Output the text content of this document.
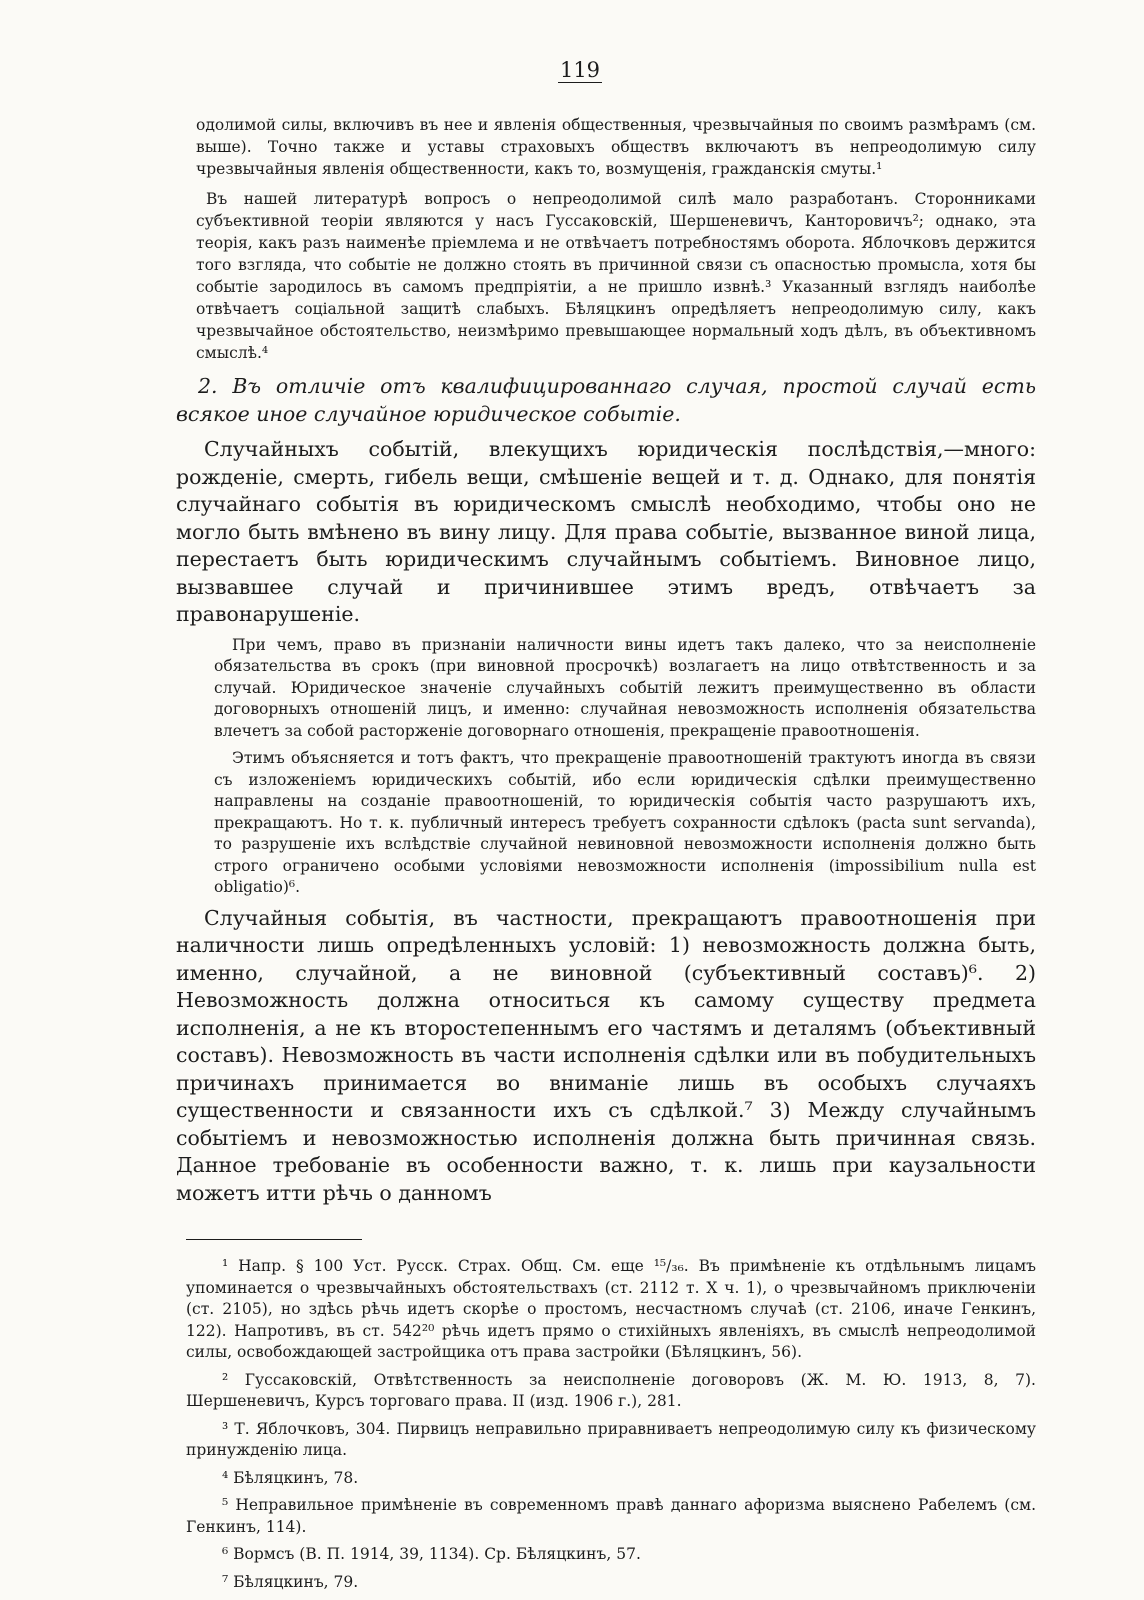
119

одолимой силы, включивъ въ нее и явленія общественныя, чрезвычайныя по своимъ размѣрамъ (см. выше). Точно также и уставы страховыхъ обществъ включаютъ въ непреодолимую силу чрезвычайныя явленія общественности, какъ то, возмущенія, гражданскія смуты.¹

Въ нашей литературѣ вопросъ о непреодолимой силѣ мало разработанъ. Сторонниками субъективной теоріи являются у насъ Гуссаковскій, Шершеневичъ, Канторовичъ²; однако, эта теорія, какъ разъ наименѣе пріемлема и не отвѣчаетъ потребностямъ оборота. Яблочковъ держится того взгляда, что событіе не должно стоять въ причинной связи съ опасностью промысла, хотя бы событіе зародилось въ самомъ предпріятіи, а не пришло извнѣ.³ Указанный взглядъ наиболѣе отвѣчаетъ соціальной защитѣ слабыхъ. Бѣляцкинъ опредѣляетъ непреодолимую силу, какъ чрезвычайное обстоятельство, неизмѣримо превышающее нормальный ходъ дѣлъ, въ объективномъ смыслѣ.⁴

2. Въ отличіе отъ квалифицированнаго случая, простой случай есть всякое иное случайное юридическое событіе.

Случайныхъ событій, влекущихъ юридическія послѣдствія,—много: рожденіе, смерть, гибель вещи, смѣшеніе вещей и т. д. Однако, для понятія случайнаго событія въ юридическомъ смыслѣ необходимо, чтобы оно не могло быть вмѣнено въ вину лицу. Для права событіе, вызванное виной лица, перестаетъ быть юридическимъ случайнымъ событіемъ. Виновное лицо, вызвавшее случай и причинившее этимъ вредъ, отвѣчаетъ за правонарушеніе.

При чемъ, право въ признаніи наличности вины идетъ такъ далеко, что за неисполненіе обязательства въ срокъ (при виновной просрочкѣ) возлагаетъ на лицо отвѣтственность и за случай. Юридическое значеніе случайныхъ событій лежитъ преимущественно въ области договорныхъ отношеній лицъ, и именно: случайная невозможность исполненія обязательства влечетъ за собой расторженіе договорнаго отношенія, прекращеніе правоотношенія.

Этимъ объясняется и тотъ фактъ, что прекращеніе правоотношеній трактуютъ иногда въ связи съ изложеніемъ юридическихъ событій, ибо если юридическія сдѣлки преимущественно направлены на созданіе правоотношеній, то юридическія событія часто разрушаютъ ихъ, прекращаютъ. Но т. к. публичный интересъ требуетъ сохранности сдѣлокъ (pacta sunt servanda), то разрушеніе ихъ вслѣдствіе случайной невиновной невозможности исполненія должно быть строго ограничено особыми условіями невозможности исполненія (impossibilium nulla est obligatio)⁶.

Случайныя событія, въ частности, прекращаютъ правоотношенія при наличности лишь опредѣленныхъ условій: 1) невозможность должна быть, именно, случайной, а не виновной (субъективный составъ)⁶. 2) Невозможность должна относиться къ самому существу предмета исполненія, а не къ второстепеннымъ его частямъ и деталямъ (объективный составъ). Невозможность въ части исполненія сдѣлки или въ побудительныхъ причинахъ принимается во вниманіе лишь въ особыхъ случаяхъ существенности и связанности ихъ съ сдѣлкой.⁷ 3) Между случайнымъ событіемъ и невозможностью исполненія должна быть причинная связь. Данное требованіе въ особенности важно, т. к. лишь при каузальности можетъ итти рѣчь о данномъ

¹ Напр. § 100 Уст. Русск. Страх. Общ. См. еще ¹⁵/₃₆. Въ примѣненіе къ отдѣльнымъ лицамъ упоминается о чрезвычайныхъ обстоятельствахъ (ст. 2112 т. X ч. 1), о чрезвычайномъ приключеніи (ст. 2105), но здѣсь рѣчь идетъ скорѣе о простомъ, несчастномъ случаѣ (ст. 2106, иначе Генкинъ, 122). Напротивъ, въ ст. 542²⁰ рѣчь идетъ прямо о стихійныхъ явленіяхъ, въ смыслѣ непреодолимой силы, освобождающей застройщика отъ права застройки (Бѣляцкинъ, 56).

² Гуссаковскій, Отвѣтственность за неисполненіе договоровъ (Ж. М. Ю. 1913, 8, 7). Шершеневичъ, Курсъ торговаго права. II (изд. 1906 г.), 281.

³ Т. Яблочковъ, 304. Пирвицъ неправильно приравниваетъ непреодолимую силу къ физическому принужденію лица.

⁴ Бѣляцкинъ, 78.

⁵ Неправильное примѣненіе въ современномъ правѣ даннаго афоризма выяснено Рабелемъ (см. Генкинъ, 114).

⁶ Вормсъ (В. П. 1914, 39, 1134). Ср. Бѣляцкинъ, 57.

⁷ Бѣляцкинъ, 79.
